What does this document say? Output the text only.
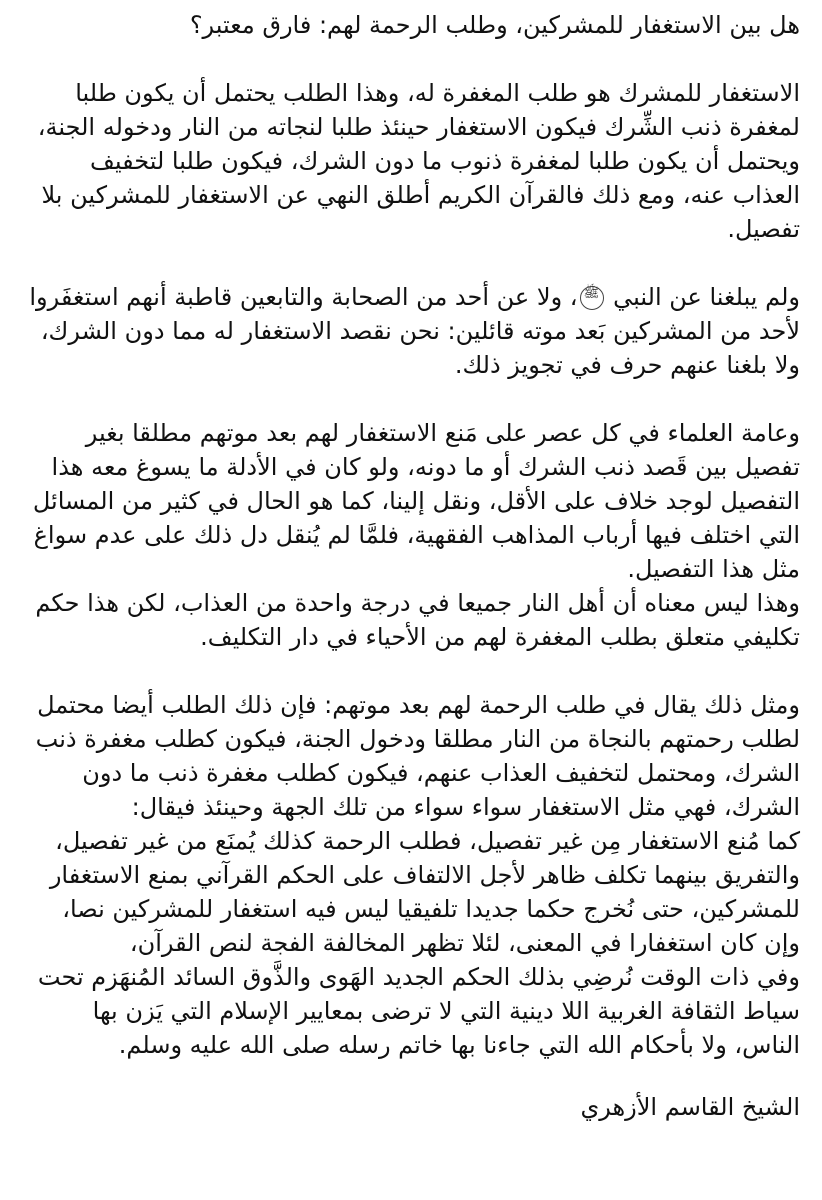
هل بين الاستغفار للمشركين، وطلب الرحمة لهم: فارق معتبر؟

الاستغفار للمشرك هو طلب المغفرة له، وهذا الطلب يحتمل أن يكون طلبا لمغفرة ذنب الشِّرك فيكون الاستغفار حينئذ طلبا لنجاته من النار ودخوله الجنة، ويحتمل أن يكون طلبا لمغفرة ذنوب ما دون الشرك، فيكون طلبا لتخفيف العذاب عنه، ومع ذلك فالقرآن الكريم أطلق النهي عن الاستغفار للمشركين بلا تفصيل.

ولم يبلغنا عن النبي ﷺ، ولا عن أحد من الصحابة والتابعين قاطبة أنهم استغفَروا لأحد من المشركين بَعد موته قائلين: نحن نقصد الاستغفار له مما دون الشرك، ولا بلغنا عنهم حرف في تجويز ذلك.

وعامة العلماء في كل عصر على مَنع الاستغفار لهم بعد موتهم مطلقا بغير تفصيل بين قَصد ذنب الشرك أو ما دونه، ولو كان في الأدلة ما يسوغ معه هذا التفصيل لوجد خلاف على الأقل، ونقل إلينا، كما هو الحال في كثير من المسائل التي اختلف فيها أرباب المذاهب الفقهية، فلمَّا لم يُنقل دل ذلك على عدم سواغ مثل هذا التفصيل.

وهذا ليس معناه أن أهل النار جميعا في درجة واحدة من العذاب، لكن هذا حكم تكليفي متعلق بطلب المغفرة لهم من الأحياء في دار التكليف.

ومثل ذلك يقال في طلب الرحمة لهم بعد موتهم: فإن ذلك الطلب أيضا محتمل لطلب رحمتهم بالنجاة من النار مطلقا ودخول الجنة، فيكون كطلب مغفرة ذنب الشرك، ومحتمل لتخفيف العذاب عنهم، فيكون كطلب مغفرة ذنب ما دون الشرك، فهي مثل الاستغفار سواء سواء من تلك الجهة وحينئذ فيقال:

كما مُنع الاستغفار مِن غير تفصيل، فطلب الرحمة كذلك يُمنَع من غير تفصيل، والتفريق بينهما تكلف ظاهر لأجل الالتفاف على الحكم القرآني بمنع الاستغفار للمشركين، حتى نُخرج حكما جديدا تلفيقيا ليس فيه استغفار للمشركين نصا، وإن كان استغفارا في المعنى، لئلا تظهر المخالفة الفجة لنص القرآن،

وفي ذات الوقت نُرضِي بذلك الحكم الجديد الهَوى والذَّوق السائد المُنهَزم تحت سياط الثقافة الغربية اللا دينية التي لا ترضى بمعايير الإسلام التي يَزن بها الناس، ولا بأحكام الله التي جاءنا بها خاتم رسله صلى الله عليه وسلم.

الشيخ القاسم الأزهري
